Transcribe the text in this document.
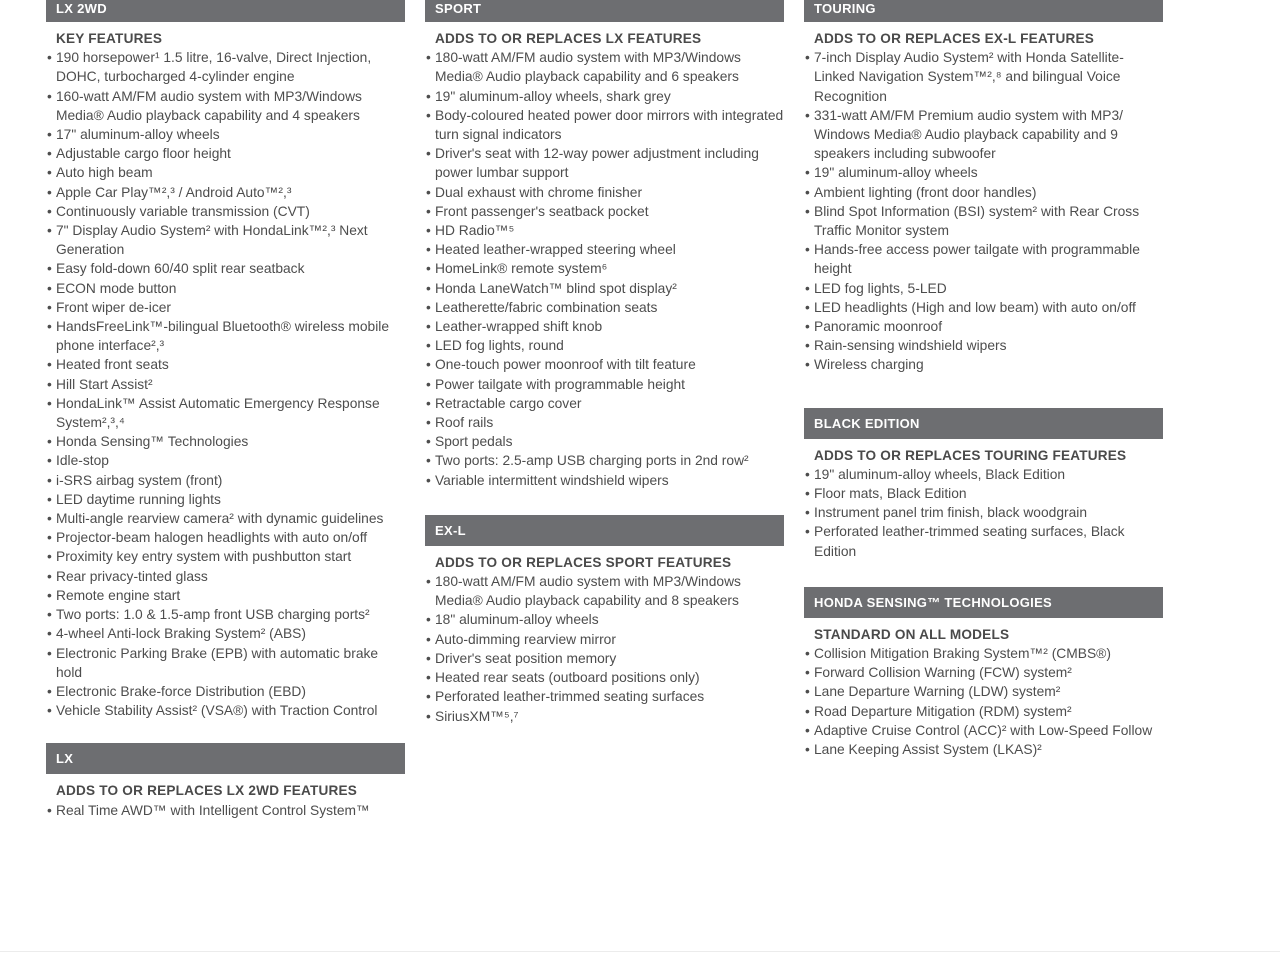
LX 2WD
KEY FEATURES
• 190 horsepower¹ 1.5 litre, 16-valve, Direct Injection, DOHC, turbocharged 4-cylinder engine
• 160-watt AM/FM audio system with MP3/Windows Media® Audio playback capability and 4 speakers
• 17" aluminum-alloy wheels
• Adjustable cargo floor height
• Auto high beam
• Apple Car Play™²,³ / Android Auto™²,³
• Continuously variable transmission (CVT)
• 7" Display Audio System² with HondaLink™²,³ Next Generation
• Easy fold-down 60/40 split rear seatback
• ECON mode button
• Front wiper de-icer
• HandsFreeLink™-bilingual Bluetooth® wireless mobile phone interface²,³
• Heated front seats
• Hill Start Assist²
• HondaLink™ Assist Automatic Emergency Response System²,³,⁴
• Honda Sensing™ Technologies
• Idle-stop
• i-SRS airbag system (front)
• LED daytime running lights
• Multi-angle rearview camera² with dynamic guidelines
• Projector-beam halogen headlights with auto on/off
• Proximity key entry system with pushbutton start
• Rear privacy-tinted glass
• Remote engine start
• Two ports: 1.0 & 1.5-amp front USB charging ports²
• 4-wheel Anti-lock Braking System² (ABS)
• Electronic Parking Brake (EPB) with automatic brake hold
• Electronic Brake-force Distribution (EBD)
• Vehicle Stability Assist² (VSA®) with Traction Control
LX
ADDS TO OR REPLACES LX 2WD FEATURES
• Real Time AWD™ with Intelligent Control System™
SPORT
ADDS TO OR REPLACES LX FEATURES
• 180-watt AM/FM audio system with MP3/Windows Media® Audio playback capability and 6 speakers
• 19" aluminum-alloy wheels, shark grey
• Body-coloured heated power door mirrors with integrated turn signal indicators
• Driver's seat with 12-way power adjustment including power lumbar support
• Dual exhaust with chrome finisher
• Front passenger's seatback pocket
• HD Radio™⁵
• Heated leather-wrapped steering wheel
• HomeLink® remote system⁶
• Honda LaneWatch™ blind spot display²
• Leatherette/fabric combination seats
• Leather-wrapped shift knob
• LED fog lights, round
• One-touch power moonroof with tilt feature
• Power tailgate with programmable height
• Retractable cargo cover
• Roof rails
• Sport pedals
• Two ports: 2.5-amp USB charging ports in 2nd row²
• Variable intermittent windshield wipers
EX-L
ADDS TO OR REPLACES SPORT FEATURES
• 180-watt AM/FM audio system with MP3/Windows Media® Audio playback capability and 8 speakers
• 18" aluminum-alloy wheels
• Auto-dimming rearview mirror
• Driver's seat position memory
• Heated rear seats (outboard positions only)
• Perforated leather-trimmed seating surfaces
• SiriusXM™⁵,⁷
TOURING
ADDS TO OR REPLACES EX-L FEATURES
• 7-inch Display Audio System² with Honda Satellite-Linked Navigation System™²,⁸ and bilingual Voice Recognition
• 331-watt AM/FM Premium audio system with MP3/ Windows Media® Audio playback capability and 9 speakers including subwoofer
• 19" aluminum-alloy wheels
• Ambient lighting (front door handles)
• Blind Spot Information (BSI) system² with Rear Cross Traffic Monitor system
• Hands-free access power tailgate with programmable height
• LED fog lights, 5-LED
• LED headlights (High and low beam) with auto on/off
• Panoramic moonroof
• Rain-sensing windshield wipers
• Wireless charging
BLACK EDITION
ADDS TO OR REPLACES TOURING FEATURES
• 19" aluminum-alloy wheels, Black Edition
• Floor mats, Black Edition
• Instrument panel trim finish, black woodgrain
• Perforated leather-trimmed seating surfaces, Black Edition
HONDA SENSING™ TECHNOLOGIES
STANDARD ON ALL MODELS
• Collision Mitigation Braking System™² (CMBS®)
• Forward Collision Warning (FCW) system²
• Lane Departure Warning (LDW) system²
• Road Departure Mitigation (RDM) system²
• Adaptive Cruise Control (ACC)² with Low-Speed Follow
• Lane Keeping Assist System (LKAS)²
